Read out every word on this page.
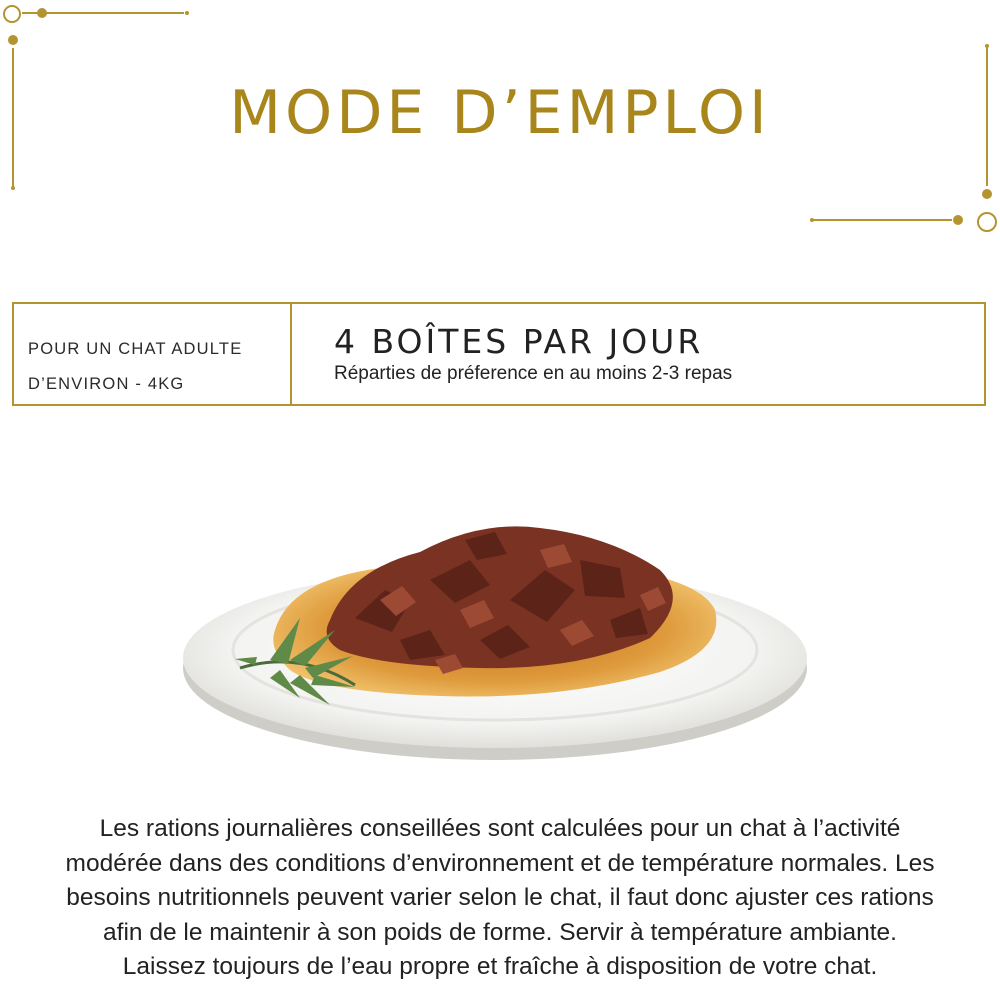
MODE D’EMPLOI
POUR UN CHAT ADULTE
D’ENVIRON - 4KG
4 BOÎTES PAR JOUR
Réparties de préference en au moins 2-3 repas
Les rations journalières conseillées sont calculées pour un chat à l’activité modérée dans des conditions d’environnement et de température normales. Les besoins nutritionnels peuvent varier selon le chat, il faut donc ajuster ces rations afin de le maintenir à son poids de forme. Servir à température ambiante. Laissez toujours de l’eau propre et fraîche à disposition de votre chat.
